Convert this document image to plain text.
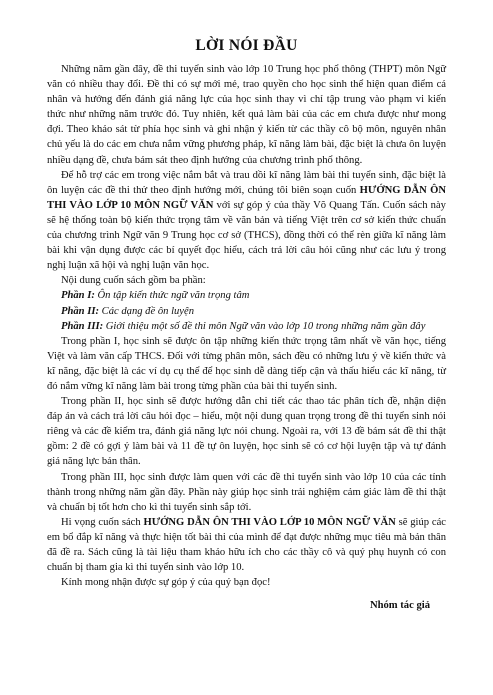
LỜI NÓI ĐẦU

Những năm gần đây, đề thi tuyển sinh vào lớp 10 Trung học phổ thông (THPT) môn Ngữ văn có nhiều thay đổi. Đề thi có sự mới mẻ, trao quyền cho học sinh thể hiện quan điểm cá nhân và hướng đến đánh giá năng lực của học sinh thay vì chỉ tập trung vào phạm vi kiến thức như những năm trước đó. Tuy nhiên, kết quả làm bài của các em chưa được như mong đợi. Theo khảo sát từ phía học sinh và ghi nhận ý kiến từ các thầy cô bộ môn, nguyên nhân chủ yếu là do các em chưa nắm vững phương pháp, kĩ năng làm bài, đặc biệt là chưa ôn luyện nhiều dạng đề, chưa bám sát theo định hướng của chương trình phổ thông.

Để hỗ trợ các em trong việc nắm bắt và trau dồi kĩ năng làm bài thi tuyển sinh, đặc biệt là ôn luyện các đề thi thử theo định hướng mới, chúng tôi biên soạn cuốn HƯỚNG DẪN ÔN THI VÀO LỚP 10 MÔN NGỮ VĂN với sự góp ý của thầy Võ Quang Tấn. Cuốn sách này sẽ hệ thống toàn bộ kiến thức trọng tâm về văn bản và tiếng Việt trên cơ sở kiến thức chuẩn của chương trình Ngữ văn 9 Trung học cơ sở (THCS), đồng thời có thể rèn giữa kĩ năng làm bài khi vận dụng được các bí quyết đọc hiểu, cách trả lời câu hỏi cũng như các lưu ý trong nghị luận xã hội và nghị luận văn học.

Nội dung cuốn sách gồm ba phần:

Phần I: Ôn tập kiến thức ngữ văn trọng tâm

Phần II: Các dạng đề ôn luyện

Phần III: Giới thiệu một số đề thi môn Ngữ văn vào lớp 10 trong những năm gần đây

Trong phần I, học sinh sẽ được ôn tập những kiến thức trọng tâm nhất về văn học, tiếng Việt và làm văn cấp THCS. Đối với từng phân môn, sách đều có những lưu ý về kiến thức và kĩ năng, đặc biệt là các ví dụ cụ thể để học sinh dễ dàng tiếp cận và thấu hiểu các kĩ năng, từ đó nắm vững kĩ năng làm bài trong từng phần của bài thi tuyển sinh.

Trong phần II, học sinh sẽ được hướng dẫn chi tiết các thao tác phân tích đề, nhận diện đáp án và cách trả lời câu hỏi đọc – hiểu, một nội dung quan trọng trong đề thi tuyển sinh nói riêng và các đề kiểm tra, đánh giá năng lực nói chung. Ngoài ra, với 13 đề bám sát đề thi thật gồm: 2 đề có gợi ý làm bài và 11 đề tự ôn luyện, học sinh sẽ có cơ hội luyện tập và tự đánh giá năng lực bản thân.

Trong phần III, học sinh được làm quen với các đề thi tuyển sinh vào lớp 10 của các tỉnh thành trong những năm gần đây. Phần này giúp học sinh trải nghiệm cảm giác làm đề thi thật và chuẩn bị tốt hơn cho kì thi tuyển sinh sắp tới.

Hi vọng cuốn sách HƯỚNG DẪN ÔN THI VÀO LỚP 10 MÔN NGỮ VĂN sẽ giúp các em bổ đắp kĩ năng và thực hiện tốt bài thi của mình để đạt được những mục tiêu mà bản thân đã đề ra. Sách cũng là tài liệu tham khảo hữu ích cho các thầy cô và quý phụ huynh có con chuẩn bị tham gia kì thi tuyển sinh vào lớp 10.

Kính mong nhận được sự góp ý của quý bạn đọc!

Nhóm tác giả
